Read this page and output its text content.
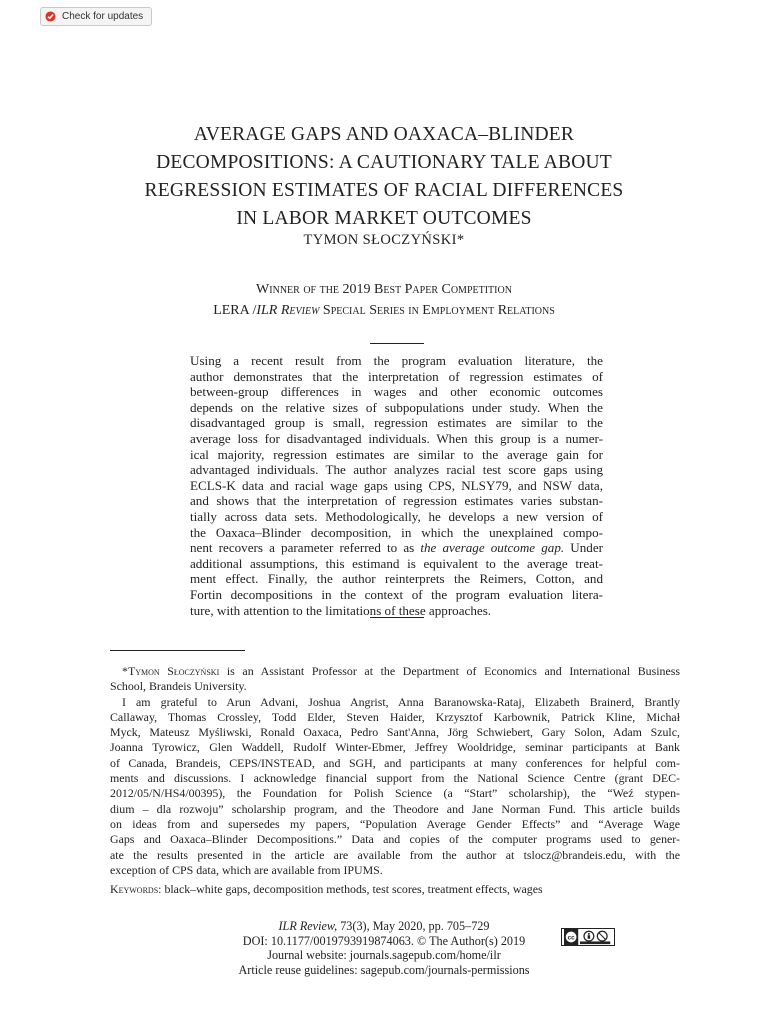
Check for updates
AVERAGE GAPS AND OAXACA–BLINDER
DECOMPOSITIONS: A CAUTIONARY TALE ABOUT
REGRESSION ESTIMATES OF RACIAL DIFFERENCES
IN LABOR MARKET OUTCOMES
TYMON SŁOCZYŃSKI*
Winner of the 2019 Best Paper Competition
LERA /ILR Review Special Series in Employment Relations
Using a recent result from the program evaluation literature, the
author demonstrates that the interpretation of regression estimates of
between-group differences in wages and other economic outcomes
depends on the relative sizes of subpopulations under study. When the
disadvantaged group is small, regression estimates are similar to the
average loss for disadvantaged individuals. When this group is a numer-
ical majority, regression estimates are similar to the average gain for
advantaged individuals. The author analyzes racial test score gaps using
ECLS-K data and racial wage gaps using CPS, NLSY79, and NSW data,
and shows that the interpretation of regression estimates varies substan-
tially across data sets. Methodologically, he develops a new version of
the Oaxaca–Blinder decomposition, in which the unexplained compo-
nent recovers a parameter referred to as the average outcome gap. Under
additional assumptions, this estimand is equivalent to the average treat-
ment effect. Finally, the author reinterprets the Reimers, Cotton, and
Fortin decompositions in the context of the program evaluation litera-
ture, with attention to the limitations of these approaches.
*Tymon Słoczyński is an Assistant Professor at the Department of Economics and International Business
School, Brandeis University.
I am grateful to Arun Advani, Joshua Angrist, Anna Baranowska-Rataj, Elizabeth Brainerd, Brantly
Callaway, Thomas Crossley, Todd Elder, Steven Haider, Krzysztof Karbownik, Patrick Kline, Michał
Myck, Mateusz Myśliwski, Ronald Oaxaca, Pedro Sant'Anna, Jörg Schwiebert, Gary Solon, Adam Szulc,
Joanna Tyrowicz, Glen Waddell, Rudolf Winter-Ebmer, Jeffrey Wooldridge, seminar participants at Bank
of Canada, Brandeis, CEPS/INSTEAD, and SGH, and participants at many conferences for helpful com-
ments and discussions. I acknowledge financial support from the National Science Centre (grant DEC-
2012/05/N/HS4/00395), the Foundation for Polish Science (a “Start” scholarship), the “Weź stypen-
dium – dla rozwoju” scholarship program, and the Theodore and Jane Norman Fund. This article builds
on ideas from and supersedes my papers, “Population Average Gender Effects” and “Average Wage
Gaps and Oaxaca–Blinder Decompositions.” Data and copies of the computer programs used to gener-
ate the results presented in the article are available from the author at tslocz@brandeis.edu, with the
exception of CPS data, which are available from IPUMS.
Keywords: black–white gaps, decomposition methods, test scores, treatment effects, wages
ILR Review, 73(3), May 2020, pp. 705–729
DOI: 10.1177/0019793919874063. © The Author(s) 2019
Journal website: journals.sagepub.com/home/ilr
Article reuse guidelines: sagepub.com/journals-permissions
cc
